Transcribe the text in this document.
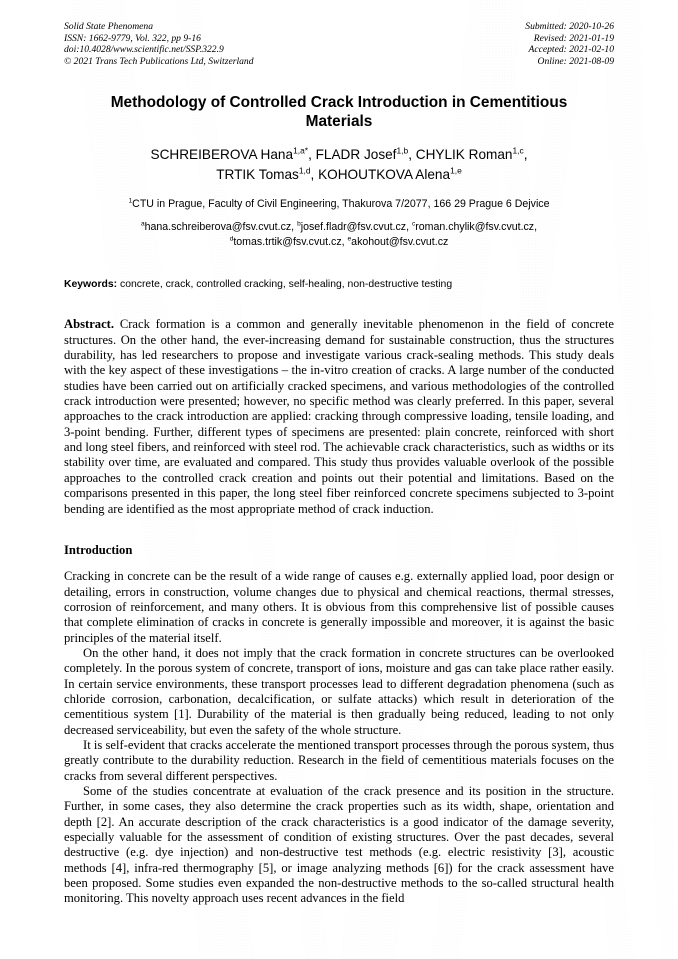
Solid State Phenomena
ISSN: 1662-9779, Vol. 322, pp 9-16
doi:10.4028/www.scientific.net/SSP.322.9
© 2021 Trans Tech Publications Ltd, Switzerland
Submitted: 2020-10-26
Revised: 2021-01-19
Accepted: 2021-02-10
Online: 2021-08-09
Methodology of Controlled Crack Introduction in Cementitious Materials
SCHREIBEROVA Hana$^{1,a*}$, FLADR Josef$^{1,b}$, CHYLIK Roman$^{1,c}$,
TRTIK Tomas$^{1,d}$, KOHOUTKOVA Alena$^{1,e}$
$^1$CTU in Prague, Faculty of Civil Engineering, Thakurova 7/2077, 166 29 Prague 6 Dejvice
$^a$hana.schreiberova@fsv.cvut.cz, $^b$josef.fladr@fsv.cvut.cz, $^c$roman.chylik@fsv.cvut.cz,
$^d$tomas.trtik@fsv.cvut.cz, $^e$akohout@fsv.cvut.cz
Keywords: concrete, crack, controlled cracking, self-healing, non-destructive testing
Abstract. Crack formation is a common and generally inevitable phenomenon in the field of concrete structures. On the other hand, the ever-increasing demand for sustainable construction, thus the structures durability, has led researchers to propose and investigate various crack-sealing methods. This study deals with the key aspect of these investigations – the in-vitro creation of cracks. A large number of the conducted studies have been carried out on artificially cracked specimens, and various methodologies of the controlled crack introduction were presented; however, no specific method was clearly preferred. In this paper, several approaches to the crack introduction are applied: cracking through compressive loading, tensile loading, and 3-point bending. Further, different types of specimens are presented: plain concrete, reinforced with short and long steel fibers, and reinforced with steel rod. The achievable crack characteristics, such as widths or its stability over time, are evaluated and compared. This study thus provides valuable overlook of the possible approaches to the controlled crack creation and points out their potential and limitations. Based on the comparisons presented in this paper, the long steel fiber reinforced concrete specimens subjected to 3-point bending are identified as the most appropriate method of crack induction.
Introduction

Cracking in concrete can be the result of a wide range of causes e.g. externally applied load, poor design or detailing, errors in construction, volume changes due to physical and chemical reactions, thermal stresses, corrosion of reinforcement, and many others. It is obvious from this comprehensive list of possible causes that complete elimination of cracks in concrete is generally impossible and moreover, it is against the basic principles of the material itself.

On the other hand, it does not imply that the crack formation in concrete structures can be overlooked completely. In the porous system of concrete, transport of ions, moisture and gas can take place rather easily. In certain service environments, these transport processes lead to different degradation phenomena (such as chloride corrosion, carbonation, decalcification, or sulfate attacks) which result in deterioration of the cementitious system [1]. Durability of the material is then gradually being reduced, leading to not only decreased serviceability, but even the safety of the whole structure.

It is self-evident that cracks accelerate the mentioned transport processes through the porous system, thus greatly contribute to the durability reduction. Research in the field of cementitious materials focuses on the cracks from several different perspectives.

Some of the studies concentrate at evaluation of the crack presence and its position in the structure. Further, in some cases, they also determine the crack properties such as its width, shape, orientation and depth [2]. An accurate description of the crack characteristics is a good indicator of the damage severity, especially valuable for the assessment of condition of existing structures. Over the past decades, several destructive (e.g. dye injection) and non-destructive test methods (e.g. electric resistivity [3], acoustic methods [4], infra-red thermography [5], or image analyzing methods [6]) for the crack assessment have been proposed. Some studies even expanded the non-destructive methods to the so-called structural health monitoring. This novelty approach uses recent advances in the field
